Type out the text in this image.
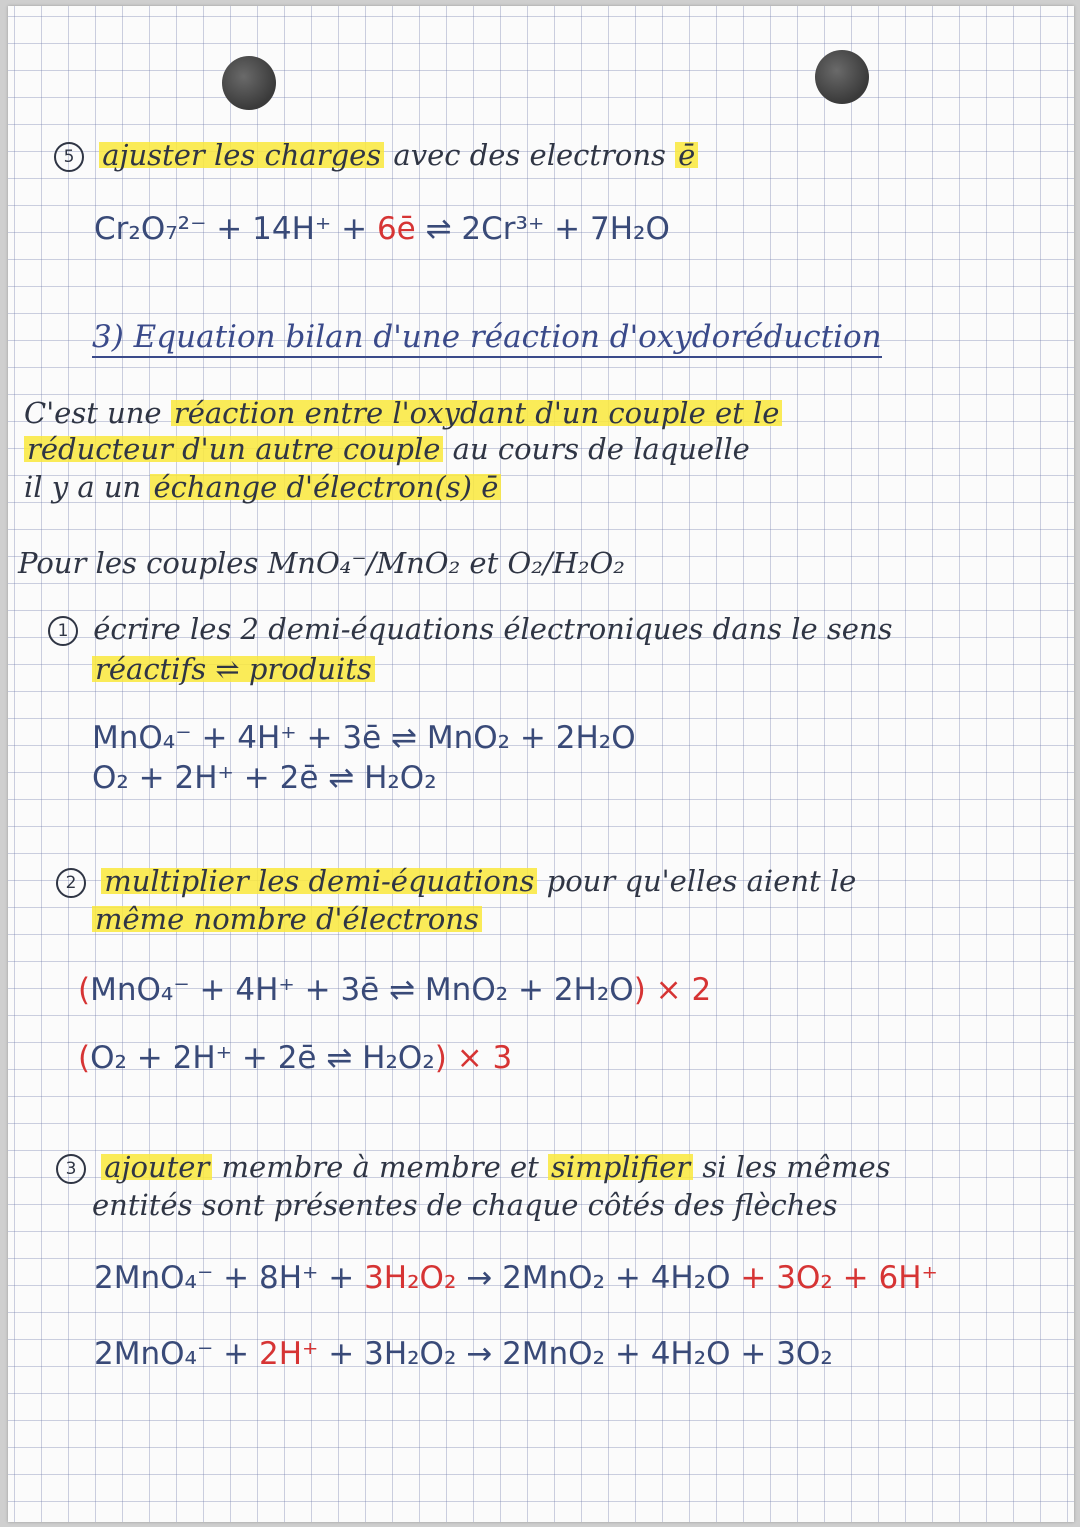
5 ajuster les charges avec des electrons ē
Cr₂O₇²⁻ + 14H⁺ + 6ē ⇌ 2Cr³⁺ + 7H₂O
3) Equation bilan d'une réaction d'oxydoréduction
C'est une réaction entre l'oxydant d'un couple et le
réducteur d'un autre couple au cours de laquelle
il y a un échange d'électron(s) ē
Pour les couples MnO₄⁻/MnO₂ et O₂/H₂O₂
1 écrire les 2 demi-équations électroniques dans le sens
réactifs ⇌ produits
MnO₄⁻ + 4H⁺ + 3ē ⇌ MnO₂ + 2H₂O
O₂ + 2H⁺ + 2ē ⇌ H₂O₂
2 multiplier les demi-équations pour qu'elles aient le
même nombre d'électrons
(MnO₄⁻ + 4H⁺ + 3ē ⇌ MnO₂ + 2H₂O) × 2
(O₂ + 2H⁺ + 2ē ⇌ H₂O₂) × 3
3 ajouter membre à membre et simplifier si les mêmes
entités sont présentes de chaque côtés des flèches
2MnO₄⁻ + 8H⁺ + 3H₂O₂ → 2MnO₂ + 4H₂O + 3O₂ + 6H⁺
2MnO₄⁻ + 2H⁺ + 3H₂O₂ → 2MnO₂ + 4H₂O + 3O₂
